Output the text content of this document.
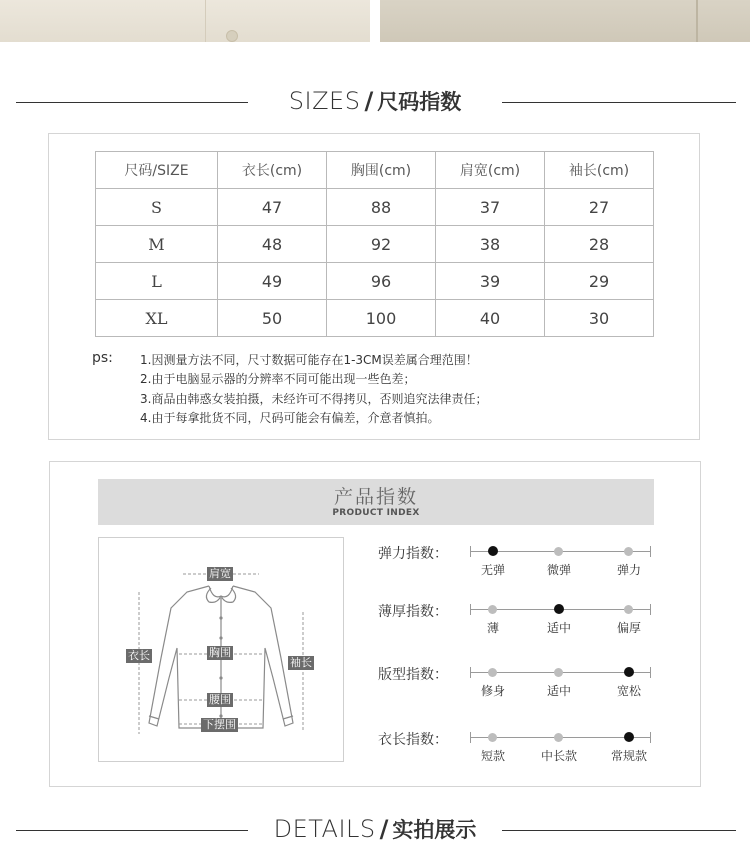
SIZES / 尺码指数
尺码/SIZE	衣长(cm)	胸围(cm)	肩宽(cm)	袖长(cm)
S	47	88	37	27
M	48	92	38	28
L	49	96	39	29
XL	50	100	40	30
ps: 1.因测量方法不同，尺寸数据可能存在1-3CM误差属合理范围！
2.由于电脑显示器的分辨率不同可能出现一些色差；
3.商品由韩惑女装拍摄，未经许可不得拷贝，否则追究法律责任；
4.由于每拿批货不同，尺码可能会有偏差，介意者慎拍。
产品指数
PRODUCT INDEX
肩宽
衣长	胸围
袖长
腰围
下摆围
弹力指数：
无弹	微弹	弹力
薄厚指数：
薄	适中	偏厚
版型指数：
修身	适中	宽松
衣长指数：
短款	中长款	常规款
DETAILS / 实拍展示
